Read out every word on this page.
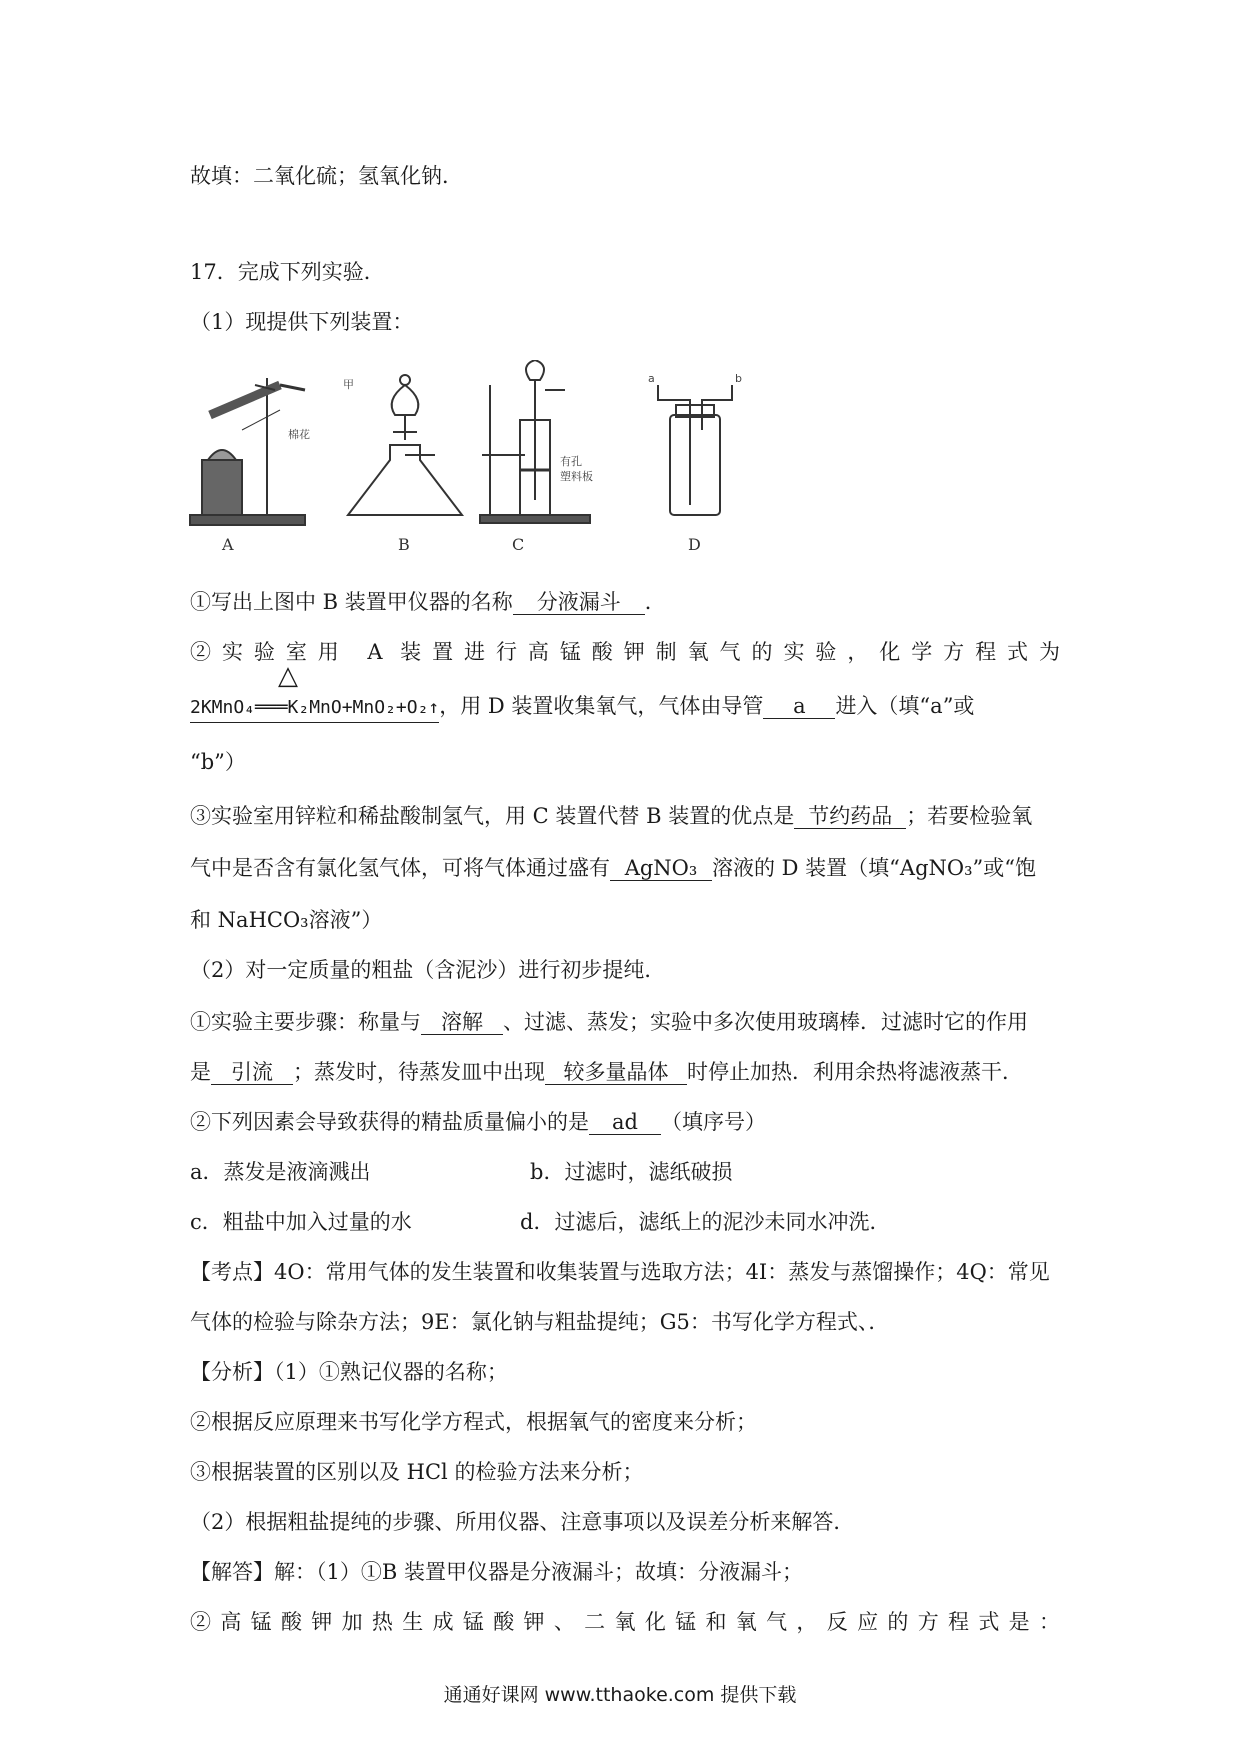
故填：二氧化硫；氢氧化钠．
17．完成下列实验．
（1）现提供下列装置：
棉花
A
甲
B
有孔
塑料板
C
a	b
D
①写出上图中 B 装置甲仪器的名称 分液漏斗 ．
②实验室用 A 装置进行高锰酸钾制氧气的实验，化学方程式为
△
2KMnO₄═══K₂MnO+MnO₂+O₂↑，用 D 装置收集氧气，气体由导管 a 进入（填“a”或
“b”）
③实验室用锌粒和稀盐酸制氢气，用 C 装置代替 B 装置的优点是 节约药品 ；若要检验氧
气中是否含有氯化氢气体，可将气体通过盛有 AgNO₃ 溶液的 D 装置（填“AgNO₃”或“饱
和 NaHCO₃溶液”）
（2）对一定质量的粗盐（含泥沙）进行初步提纯．
①实验主要步骤：称量与 溶解 、过滤、蒸发；实验中多次使用玻璃棒．过滤时它的作用
是 引流 ；蒸发时，待蒸发皿中出现 较多量晶体 时停止加热．利用余热将滤液蒸干．
②下列因素会导致获得的精盐质量偏小的是 ad （填序号）
a．蒸发是液滴溅出	b．过滤时，滤纸破损
c．粗盐中加入过量的水	d．过滤后，滤纸上的泥沙未同水冲洗．
【考点】4O：常用气体的发生装置和收集装置与选取方法；4I：蒸发与蒸馏操作；4Q：常见
气体的检验与除杂方法；9E：氯化钠与粗盐提纯；G5：书写化学方程式、．
【分析】（1）①熟记仪器的名称；
②根据反应原理来书写化学方程式，根据氧气的密度来分析；
③根据装置的区别以及 HCl 的检验方法来分析；
（2）根据粗盐提纯的步骤、所用仪器、注意事项以及误差分析来解答．
【解答】解：（1）①B 装置甲仪器是分液漏斗；故填：分液漏斗；
②高锰酸钾加热生成锰酸钾、二氧化锰和氧气，反应的方程式是：
通通好课网 www.tthaoke.com 提供下载
